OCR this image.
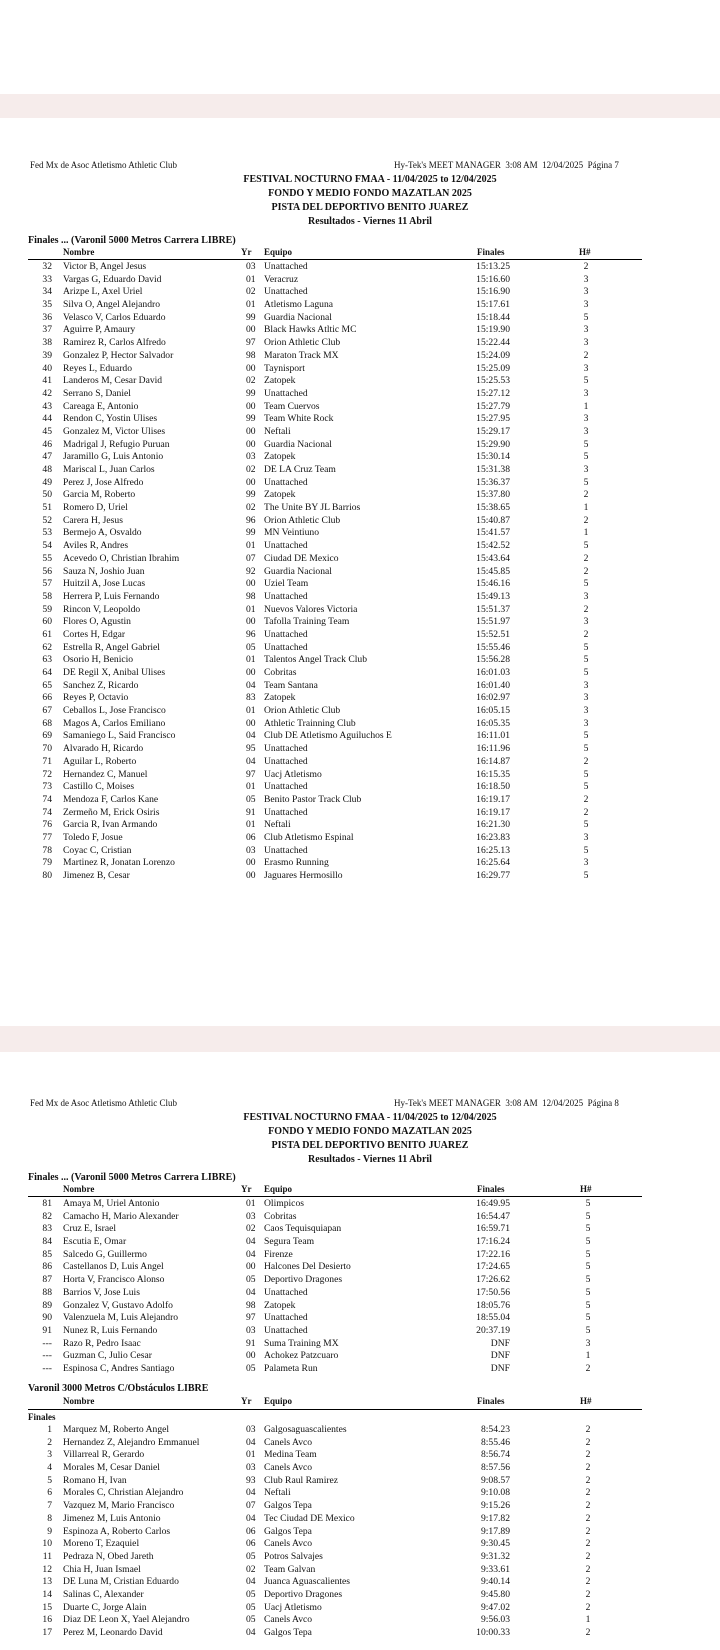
Fed Mx de Asoc Atletismo Athletic Club	Hy-Tek's MEET MANAGER  3:08 AM  12/04/2025  Página 7
FESTIVAL NOCTURNO FMAA - 11/04/2025 to 12/04/2025
FONDO Y MEDIO FONDO MAZATLAN 2025
PISTA DEL DEPORTIVO BENITO JUAREZ
Resultados - Viernes 11 Abril
Finales ... (Varonil 5000 Metros Carrera LIBRE)
Nombre	Yr Equipo	Finales	H#
32 Victor B, Angel Jesus	03 Unattached	15:13.25	2
33 Vargas G, Eduardo David	01 Veracruz	15:16.60	3
34 Arizpe L, Axel Uriel	02 Unattached	15:16.90	3
35 Silva O, Angel Alejandro	01 Atletismo Laguna	15:17.61	3
36 Velasco V, Carlos Eduardo	99 Guardia Nacional	15:18.44	5
37 Aguirre P, Amaury	00 Black Hawks Atltic MC	15:19.90	3
38 Ramirez R, Carlos Alfredo	97 Orion Athletic Club	15:22.44	3
39 Gonzalez P, Hector Salvador	98 Maraton Track MX	15:24.09	2
40 Reyes L, Eduardo	00 Taynisport	15:25.09	3
41 Landeros M, Cesar David	02 Zatopek	15:25.53	5
42 Serrano S, Daniel	99 Unattached	15:27.12	3
43 Careaga E, Antonio	00 Team Cuervos	15:27.79	1
44 Rendon C, Yostin Ulises	99 Team White Rock	15:27.95	3
45 Gonzalez M, Victor Ulises	00 Neftali	15:29.17	3
46 Madrigal J, Refugio Puruan	00 Guardia Nacional	15:29.90	5
47 Jaramillo G, Luis Antonio	03 Zatopek	15:30.14	5
48 Mariscal L, Juan Carlos	02 DE LA Cruz Team	15:31.38	3
49 Perez J, Jose Alfredo	00 Unattached	15:36.37	5
50 Garcia M, Roberto	99 Zatopek	15:37.80	2
51 Romero D, Uriel	02 The Unite BY JL Barrios	15:38.65	1
52 Carera H, Jesus	96 Orion Athletic Club	15:40.87	2
53 Bermejo A, Osvaldo	99 MN Veintiuno	15:41.57	1
54 Aviles R, Andres	01 Unattached	15:42.52	5
55 Acevedo O, Christian Ibrahim	07 Ciudad DE Mexico	15:43.64	2
56 Sauza N, Joshio Juan	92 Guardia Nacional	15:45.85	2
57 Huitzil A, Jose Lucas	00 Uziel Team	15:46.16	5
58 Herrera P, Luis Fernando	98 Unattached	15:49.13	3
59 Rincon V, Leopoldo	01 Nuevos Valores Victoria	15:51.37	2
60 Flores O, Agustin	00 Tafolla Training Team	15:51.97	3
61 Cortes H, Edgar	96 Unattached	15:52.51	2
62 Estrella R, Angel Gabriel	05 Unattached	15:55.46	5
63 Osorio H, Benicio	01 Talentos Angel Track Club	15:56.28	5
64 DE Regil X, Anibal Ulises	00 Cobritas	16:01.03	5
65 Sanchez Z, Ricardo	04 Team Santana	16:01.40	3
66 Reyes P, Octavio	83 Zatopek	16:02.97	3
67 Ceballos L, Jose Francisco	01 Orion Athletic Club	16:05.15	3
68 Magos A, Carlos Emiliano	00 Athletic Trainning Club	16:05.35	3
69 Samaniego L, Said Francisco	04 Club DE Atletismo Aguiluchos E	16:11.01	5
70 Alvarado H, Ricardo	95 Unattached	16:11.96	5
71 Aguilar L, Roberto	04 Unattached	16:14.87	2
72 Hernandez C, Manuel	97 Uacj Atletismo	16:15.35	5
73 Castillo C, Moises	01 Unattached	16:18.50	5
74 Mendoza F, Carlos Kane	05 Benito Pastor Track Club	16:19.17	2
74 Zermeño M, Erick Osiris	91 Unattached	16:19.17	2
76 Garcia R, Ivan Armando	01 Neftali	16:21.30	5
77 Toledo F, Josue	06 Club Atletismo Espinal	16:23.83	3
78 Coyac C, Cristian	03 Unattached	16:25.13	5
79 Martinez R, Jonatan Lorenzo	00 Erasmo Running	16:25.64	3
80 Jimenez B, Cesar	00 Jaguares Hermosillo	16:29.77	5
Fed Mx de Asoc Atletismo Athletic Club	Hy-Tek's MEET MANAGER  3:08 AM  12/04/2025  Página 8
FESTIVAL NOCTURNO FMAA - 11/04/2025 to 12/04/2025
FONDO Y MEDIO FONDO MAZATLAN 2025
PISTA DEL DEPORTIVO BENITO JUAREZ
Resultados - Viernes 11 Abril
Finales ... (Varonil 5000 Metros Carrera LIBRE)
Nombre	Yr Equipo	Finales	H#
81 Amaya M, Uriel Antonio	01 Olimpicos	16:49.95	5
82 Camacho H, Mario Alexander	03 Cobritas	16:54.47	5
83 Cruz E, Israel	02 Caos Tequisquiapan	16:59.71	5
84 Escutia E, Omar	04 Segura Team	17:16.24	5
85 Salcedo G, Guillermo	04 Firenze	17:22.16	5
86 Castellanos D, Luis Angel	00 Halcones Del Desierto	17:24.65	5
87 Horta V, Francisco Alonso	05 Deportivo Dragones	17:26.62	5
88 Barrios V, Jose Luis	04 Unattached	17:50.56	5
89 Gonzalez V, Gustavo Adolfo	98 Zatopek	18:05.76	5
90 Valenzuela M, Luis Alejandro	97 Unattached	18:55.04	5
91 Nunez R, Luis Fernando	03 Unattached	20:37.19	5
--- Razo R, Pedro Isaac	91 Suma Training MX	DNF	3
--- Guzman C, Julio Cesar	00 Achokez Patzcuaro	DNF	1
--- Espinosa C, Andres Santiago	05 Palameta Run	DNF	2
Varonil 3000 Metros C/Obstáculos LIBRE
Nombre	Yr Equipo	Finales	H#
Finales
1 Marquez M, Roberto Angel	03 Galgosaguascalientes	8:54.23	2
2 Hernandez Z, Alejandro Emmanuel	04 Canels Avco	8:55.46	2
3 Villarreal R, Gerardo	01 Medina Team	8:56.74	2
4 Morales M, Cesar Daniel	03 Canels Avco	8:57.56	2
5 Romano H, Ivan	93 Club Raul Ramirez	9:08.57	2
6 Morales C, Christian Alejandro	04 Neftali	9:10.08	2
7 Vazquez M, Mario Francisco	07 Galgos Tepa	9:15.26	2
8 Jimenez M, Luis Antonio	04 Tec Ciudad DE Mexico	9:17.82	2
9 Espinoza A, Roberto Carlos	06 Galgos Tepa	9:17.89	2
10 Moreno T, Ezaquiel	06 Canels Avco	9:30.45	2
11 Pedraza N, Obed Jareth	05 Potros Salvajes	9:31.32	2
12 Chia H, Juan Ismael	02 Team Galvan	9:33.61	2
13 DE Luna M, Cristian Eduardo	04 Juanca Aguascalientes	9:40.14	2
14 Salinas C, Alexander	05 Deportivo Dragones	9:45.80	2
15 Duarte C, Jorge Alain	05 Uacj Atletismo	9:47.02	2
16 Diaz DE Leon X, Yael Alejandro	05 Canels Avco	9:56.03	1
17 Perez M, Leonardo David	04 Galgos Tepa	10:00.33	2
